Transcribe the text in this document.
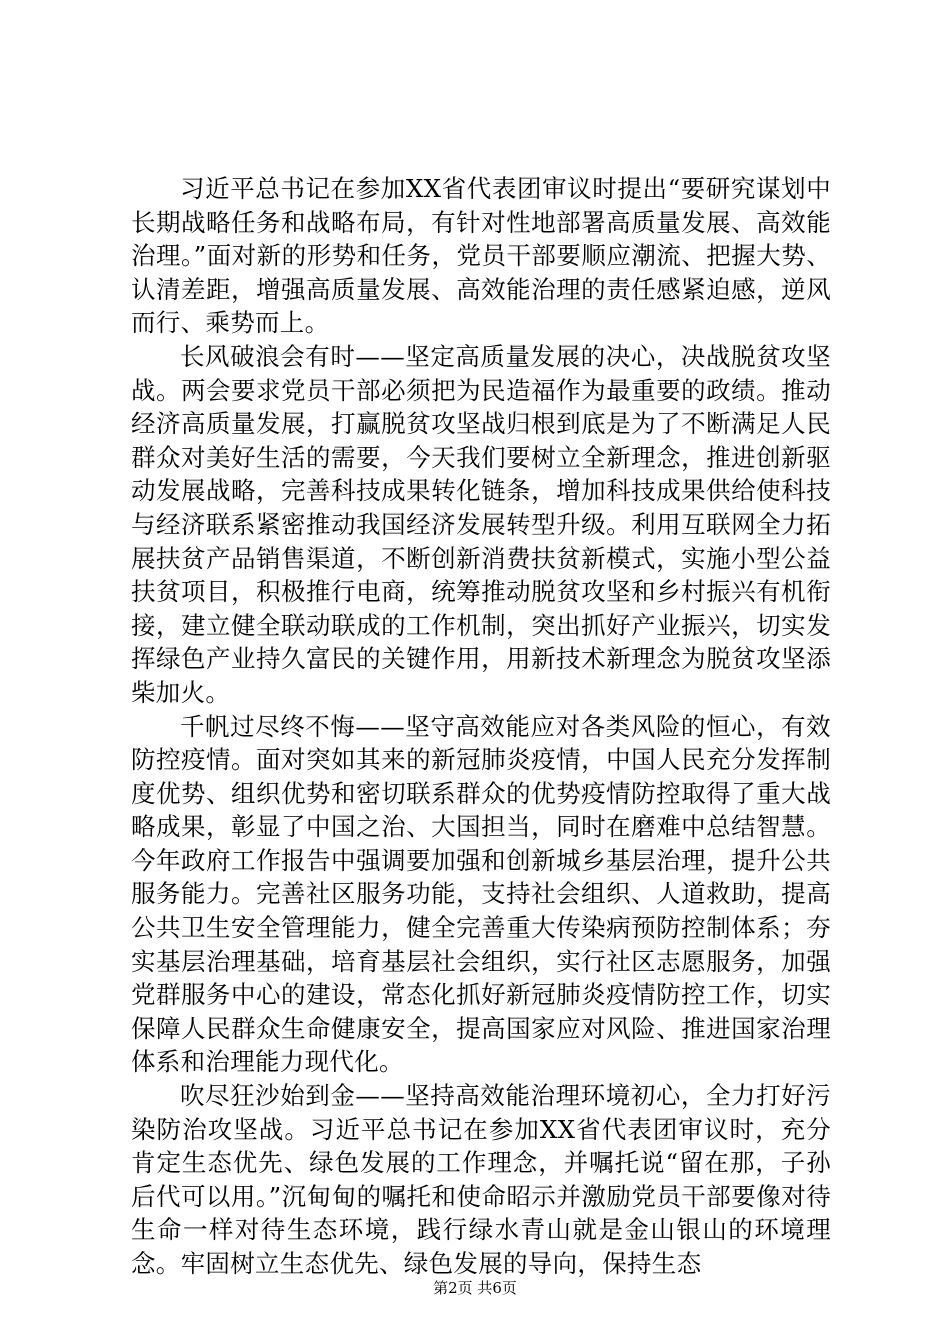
习近平总书记在参加XX省代表团审议时提出“要研究谋划中长期战略任务和战略布局，有针对性地部署高质量发展、高效能治理。”面对新的形势和任务，党员干部要顺应潮流、把握大势、认清差距，增强高质量发展、高效能治理的责任感紧迫感，逆风而行、乘势而上。

长风破浪会有时——坚定高质量发展的决心，决战脱贫攻坚战。两会要求党员干部必须把为民造福作为最重要的政绩。推动经济高质量发展，打赢脱贫攻坚战归根到底是为了不断满足人民群众对美好生活的需要，今天我们要树立全新理念，推进创新驱动发展战略，完善科技成果转化链条，增加科技成果供给使科技与经济联系紧密推动我国经济发展转型升级。利用互联网全力拓展扶贫产品销售渠道，不断创新消费扶贫新模式，实施小型公益扶贫项目，积极推行电商，统筹推动脱贫攻坚和乡村振兴有机衔接，建立健全联动联成的工作机制，突出抓好产业振兴，切实发挥绿色产业持久富民的关键作用，用新技术新理念为脱贫攻坚添柴加火。

千帆过尽终不悔——坚守高效能应对各类风险的恒心，有效防控疫情。面对突如其来的新冠肺炎疫情，中国人民充分发挥制度优势、组织优势和密切联系群众的优势疫情防控取得了重大战略成果，彰显了中国之治、大国担当，同时在磨难中总结智慧。今年政府工作报告中强调要加强和创新城乡基层治理，提升公共服务能力。完善社区服务功能，支持社会组织、人道救助，提高公共卫生安全管理能力，健全完善重大传染病预防控制体系；夯实基层治理基础，培育基层社会组织，实行社区志愿服务，加强党群服务中心的建设，常态化抓好新冠肺炎疫情防控工作，切实保障人民群众生命健康安全，提高国家应对风险、推进国家治理体系和治理能力现代化。

吹尽狂沙始到金——坚持高效能治理环境初心，全力打好污染防治攻坚战。习近平总书记在参加XX省代表团审议时，充分肯定生态优先、绿色发展的工作理念，并嘱托说“留在那，子孙后代可以用。”沉甸甸的嘱托和使命昭示并激励党员干部要像对待生命一样对待生态环境，践行绿水青山就是金山银山的环境理念。牢固树立生态优先、绿色发展的导向，保持生态

第2页 共6页
